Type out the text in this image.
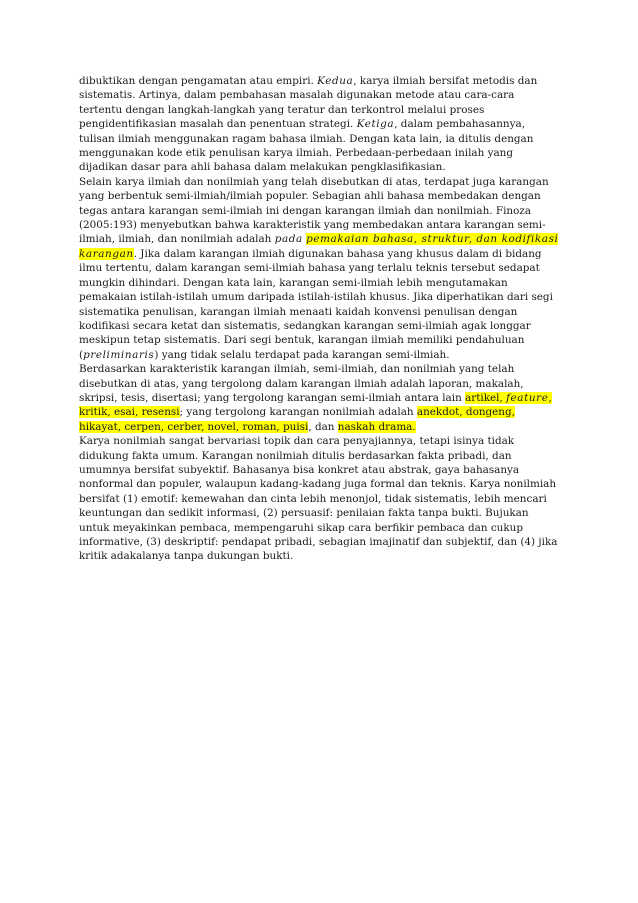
dibuktikan dengan pengamatan atau empiri. Kedua, karya ilmiah bersifat metodis dan sistematis. Artinya, dalam pembahasan masalah digunakan metode atau cara-cara tertentu dengan langkah-langkah yang teratur dan terkontrol melalui proses pengidentifikasian masalah dan penentuan strategi. Ketiga, dalam pembahasannya, tulisan ilmiah menggunakan ragam bahasa ilmiah. Dengan kata lain, ia ditulis dengan menggunakan kode etik penulisan karya ilmiah. Perbedaan-perbedaan inilah yang dijadikan dasar para ahli bahasa dalam melakukan pengklasifikasian.

Selain karya ilmiah dan nonilmiah yang telah disebutkan di atas, terdapat juga karangan yang berbentuk semi-ilmiah/ilmiah populer. Sebagian ahli bahasa membedakan dengan tegas antara karangan semi-ilmiah ini dengan karangan ilmiah dan nonilmiah. Finoza (2005:193) menyebutkan bahwa karakteristik yang membedakan antara karangan semi-ilmiah, ilmiah, dan nonilmiah adalah pada pemakaian bahasa, struktur, dan kodifikasi karangan. Jika dalam karangan ilmiah digunakan bahasa yang khusus dalam di bidang ilmu tertentu, dalam karangan semi-ilmiah bahasa yang terlalu teknis tersebut sedapat mungkin dihindari. Dengan kata lain, karangan semi-ilmiah lebih mengutamakan pemakaian istilah-istilah umum daripada istilah-istilah khusus. Jika diperhatikan dari segi sistematika penulisan, karangan ilmiah menaati kaidah konvensi penulisan dengan kodifikasi secara ketat dan sistematis, sedangkan karangan semi-ilmiah agak longgar meskipun tetap sistematis. Dari segi bentuk, karangan ilmiah memiliki pendahuluan (preliminaris) yang tidak selalu terdapat pada karangan semi-ilmiah.

Berdasarkan karakteristik karangan ilmiah, semi-ilmiah, dan nonilmiah yang telah disebutkan di atas, yang tergolong dalam karangan ilmiah adalah laporan, makalah, skripsi, tesis, disertasi; yang tergolong karangan semi-ilmiah antara lain artikel, feature, kritik, esai, resensi; yang tergolong karangan nonilmiah adalah anekdot, dongeng, hikayat, cerpen, cerber, novel, roman, puisi, dan naskah drama.

Karya nonilmiah sangat bervariasi topik dan cara penyajiannya, tetapi isinya tidak didukung fakta umum. Karangan nonilmiah ditulis berdasarkan fakta pribadi, dan umumnya bersifat subyektif. Bahasanya bisa konkret atau abstrak, gaya bahasanya nonformal dan populer, walaupun kadang-kadang juga formal dan teknis. Karya nonilmiah bersifat (1) emotif: kemewahan dan cinta lebih menonjol, tidak sistematis, lebih mencari keuntungan dan sedikit informasi, (2) persuasif: penilaian fakta tanpa bukti. Bujukan untuk meyakinkan pembaca, mempengaruhi sikap cara berfikir pembaca dan cukup informative, (3) deskriptif: pendapat pribadi, sebagian imajinatif dan subjektif, dan (4) jika kritik adakalanya tanpa dukungan bukti.
